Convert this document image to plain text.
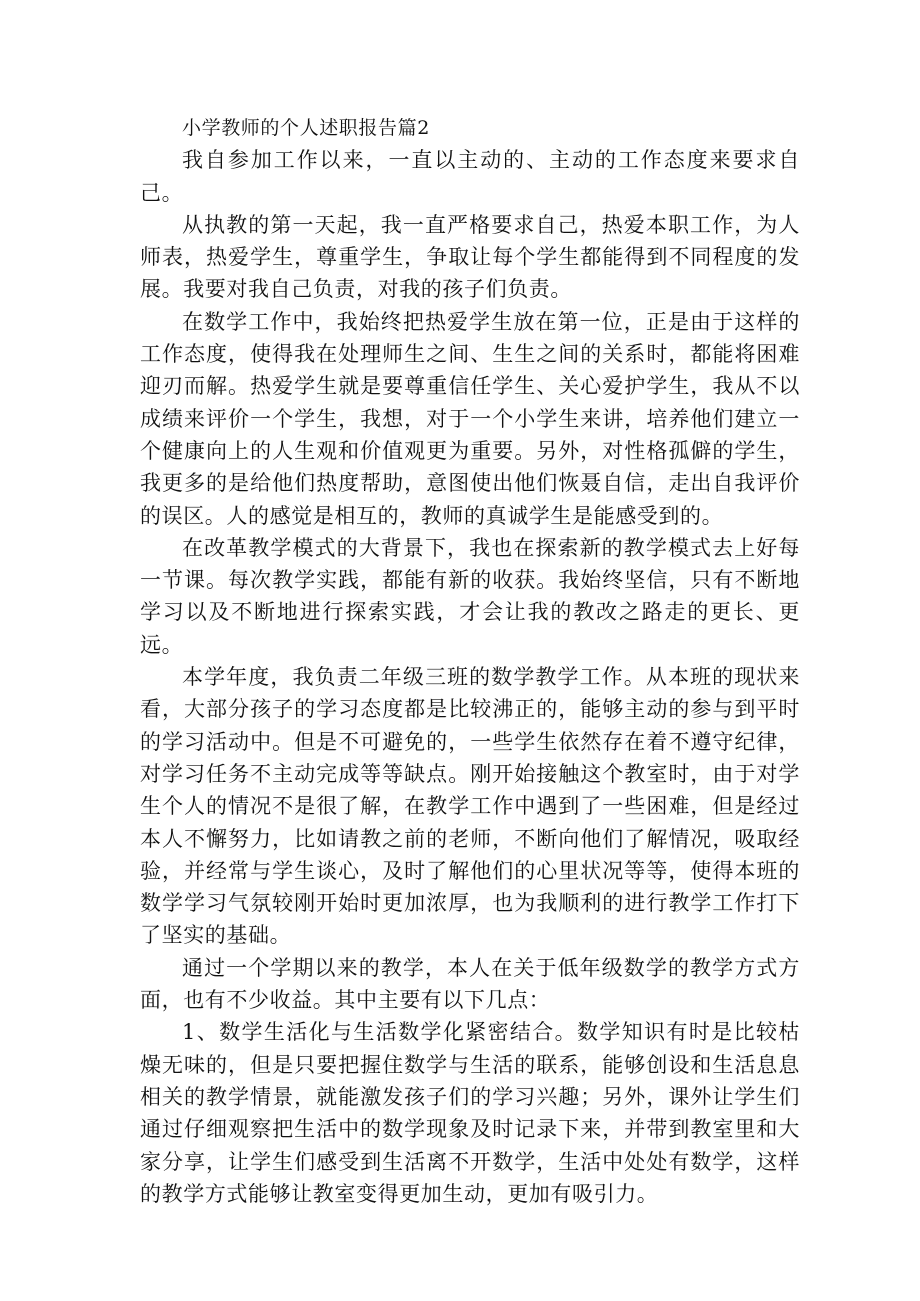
小学教师的个人述职报告篇2

我自参加工作以来，一直以主动的、主动的工作态度来要求自己。

从执教的第一天起，我一直严格要求自己，热爱本职工作，为人师表，热爱学生，尊重学生，争取让每个学生都能得到不同程度的发展。我要对我自己负责，对我的孩子们负责。

在数学工作中，我始终把热爱学生放在第一位，正是由于这样的工作态度，使得我在处理师生之间、生生之间的关系时，都能将困难迎刃而解。热爱学生就是要尊重信任学生、关心爱护学生，我从不以成绩来评价一个学生，我想，对于一个小学生来讲，培养他们建立一个健康向上的人生观和价值观更为重要。另外，对性格孤僻的学生，我更多的是给他们热度帮助，意图使出他们恢聂自信，走出自我评价的误区。人的感觉是相互的，教师的真诚学生是能感受到的。

在改革教学模式的大背景下，我也在探索新的教学模式去上好每一节课。每次教学实践，都能有新的收获。我始终坚信，只有不断地学习以及不断地进行探索实践，才会让我的教改之路走的更长、更远。

本学年度，我负责二年级三班的数学教学工作。从本班的现状来看，大部分孩子的学习态度都是比较沸正的，能够主动的参与到平时的学习活动中。但是不可避免的，一些学生依然存在着不遵守纪律，对学习任务不主动完成等等缺点。刚开始接触这个教室时，由于对学生个人的情况不是很了解，在教学工作中遇到了一些困难，但是经过本人不懈努力，比如请教之前的老师，不断向他们了解情况，吸取经验，并经常与学生谈心，及时了解他们的心里状况等等，使得本班的数学学习气氛较刚开始时更加浓厚，也为我顺利的进行教学工作打下了坚实的基础。

通过一个学期以来的教学，本人在关于低年级数学的教学方式方面，也有不少收益。其中主要有以下几点：

1、数学生活化与生活数学化紧密结合。数学知识有时是比较枯燥无味的，但是只要把握住数学与生活的联系，能够创设和生活息息相关的教学情景，就能激发孩子们的学习兴趣；另外，课外让学生们通过仔细观察把生活中的数学现象及时记录下来，并带到教室里和大家分享，让学生们感受到生活离不开数学，生活中处处有数学，这样的教学方式能够让教室变得更加生动，更加有吸引力。
